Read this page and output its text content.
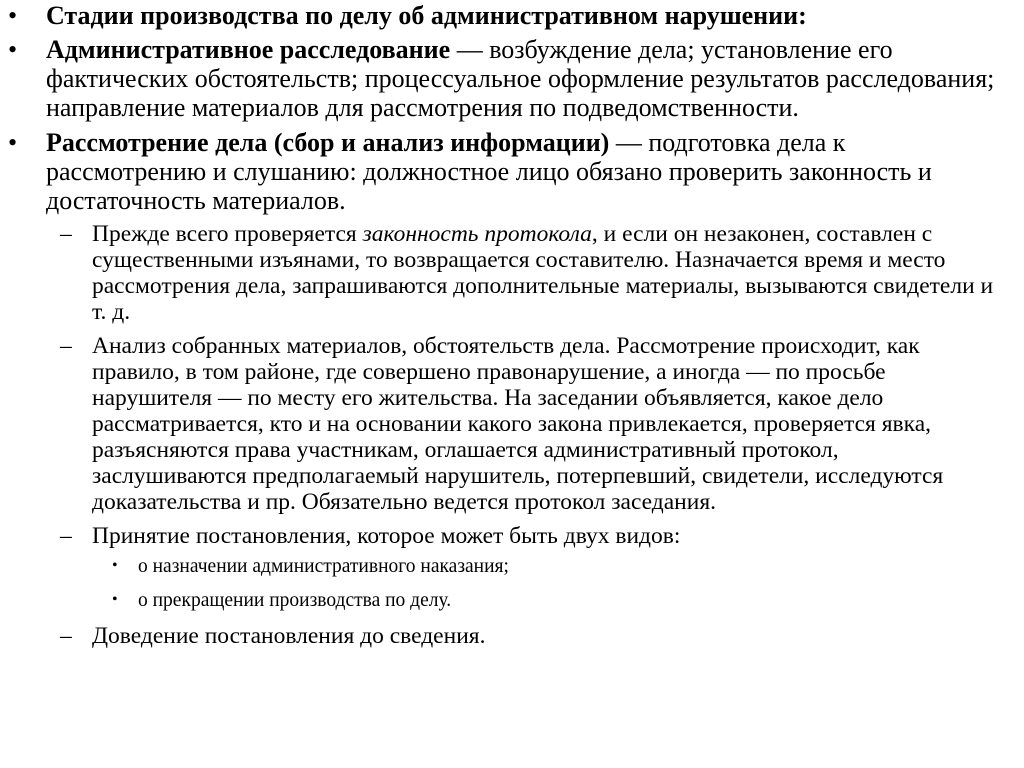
•	Стадии производства по делу об административном нарушении:
•	Административное расследование — возбуждение дела; установление его фактических обстоятельств; процессуальное оформление результатов расследования; направление материалов для рассмотрения по подведомственности.
•	Рассмотрение дела (сбор и анализ информации) — подготовка дела к рассмотрению и слушанию: должностное лицо обязано проверить законность и достаточность материалов.
– Прежде всего проверяется законность протокола, и если он незаконен, составлен с существенными изъянами, то возвращается составителю. Назначается время и место рассмотрения дела, запрашиваются дополнительные материалы, вызываются свидетели и т. д.
– Анализ собранных материалов, обстоятельств дела. Рассмотрение происходит, как правило, в том районе, где совершено правонарушение, а иногда — по просьбе нарушителя — по месту его жительства. На заседании объявляется, какое дело рассматривается, кто и на основании какого закона привлекается, проверяется явка, разъясняются права участникам, оглашается административный протокол, заслушиваются предполагаемый нарушитель, потерпевший, свидетели, исследуются доказательства и пр. Обязательно ведется протокол заседания.
– Принятие постановления, которое может быть двух видов:
• о назначении административного наказания;
• о прекращении производства по делу.
– Доведение постановления до сведения.
